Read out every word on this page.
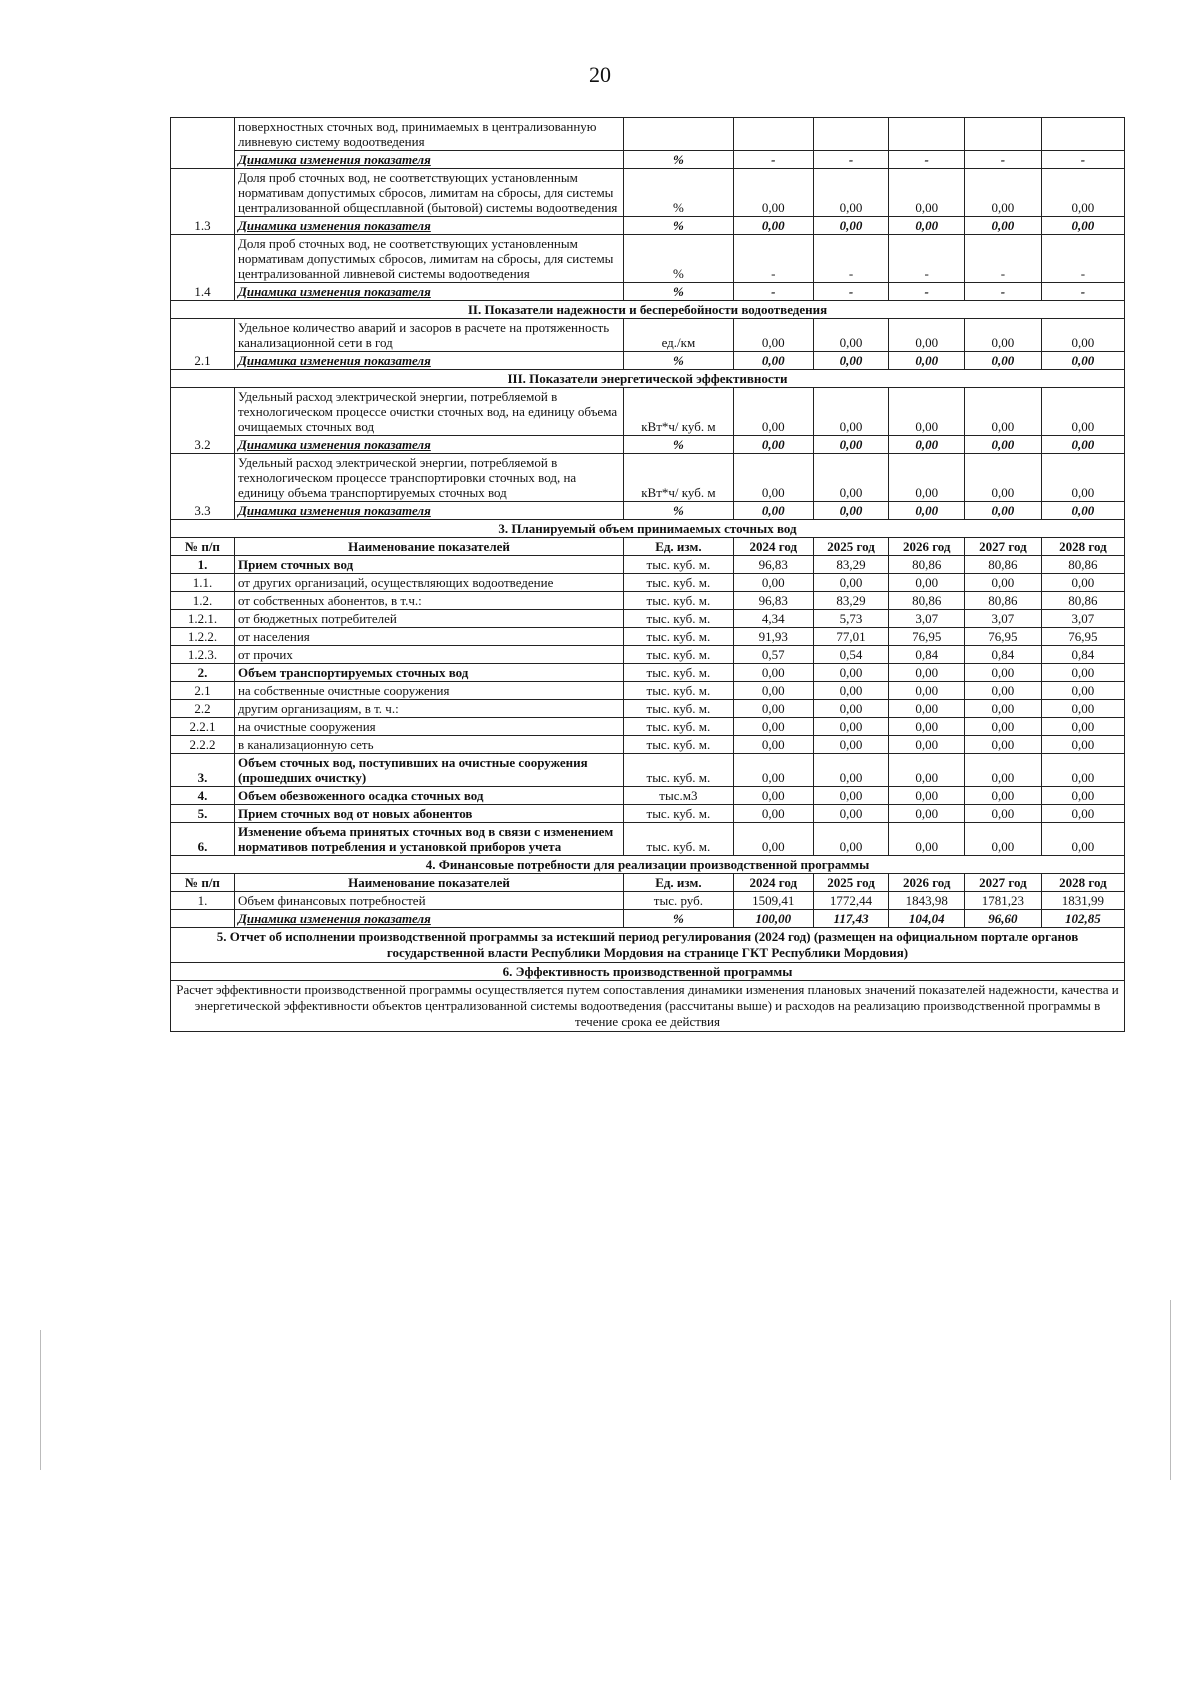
20
	поверхностных сточных вод, принимаемых в централизованную ливневую систему водоотведения						
	Динамика изменения показателя	%	-	-	-	-	-
1.3	Доля проб сточных вод, не соответствующих установленным нормативам допустимых сбросов, лимитам на сбросы, для системы централизованной общесплавной (бытовой) системы водоотведения	%	0,00	0,00	0,00	0,00	0,00
	Динамика изменения показателя	%	0,00	0,00	0,00	0,00	0,00
1.4	Доля проб сточных вод, не соответствующих установленным нормативам допустимых сбросов, лимитам на сбросы, для системы централизованной ливневой системы водоотведения	%	-	-	-	-	-
	Динамика изменения показателя	%	-	-	-	-	-
II. Показатели надежности и бесперебойности водоотведения							
2.1	Удельное количество аварий и засоров в расчете на протяженность канализационной сети в год	ед./км	0,00	0,00	0,00	0,00	0,00
	Динамика изменения показателя	%	0,00	0,00	0,00	0,00	0,00
III. Показатели энергетической эффективности							
3.2	Удельный расход электрической энергии, потребляемой в технологическом процессе очистки сточных вод, на единицу объема очищаемых сточных вод	кВт*ч/ куб. м	0,00	0,00	0,00	0,00	0,00
	Динамика изменения показателя	%	0,00	0,00	0,00	0,00	0,00
3.3	Удельный расход электрической энергии, потребляемой в технологическом процессе транспортировки сточных вод, на единицу объема транспортируемых сточных вод	кВт*ч/ куб. м	0,00	0,00	0,00	0,00	0,00
	Динамика изменения показателя	%	0,00	0,00	0,00	0,00	0,00
3. Планируемый объем принимаемых сточных вод							
№ п/п	Наименование показателей	Ед. изм.	2024 год	2025 год	2026 год	2027 год	2028 год
1.	Прием сточных вод	тыс. куб. м.	96,83	83,29	80,86	80,86	80,86
1.1.	от других организаций, осуществляющих водоотведение	тыс. куб. м.	0,00	0,00	0,00	0,00	0,00
1.2.	от собственных абонентов, в т.ч.:	тыс. куб. м.	96,83	83,29	80,86	80,86	80,86
1.2.1.	от бюджетных потребителей	тыс. куб. м.	4,34	5,73	3,07	3,07	3,07
1.2.2.	от населения	тыс. куб. м.	91,93	77,01	76,95	76,95	76,95
1.2.3.	от прочих	тыс. куб. м.	0,57	0,54	0,84	0,84	0,84
2.	Объем транспортируемых сточных вод	тыс. куб. м.	0,00	0,00	0,00	0,00	0,00
2.1	на собственные очистные сооружения	тыс. куб. м.	0,00	0,00	0,00	0,00	0,00
2.2	другим организациям, в т. ч.:	тыс. куб. м.	0,00	0,00	0,00	0,00	0,00
2.2.1	на очистные сооружения	тыс. куб. м.	0,00	0,00	0,00	0,00	0,00
2.2.2	в канализационную сеть	тыс. куб. м.	0,00	0,00	0,00	0,00	0,00
3.	Объем сточных вод, поступивших на очистные сооружения (прошедших очистку)	тыс. куб. м.	0,00	0,00	0,00	0,00	0,00
4.	Объем обезвоженного осадка сточных вод	тыс.м3	0,00	0,00	0,00	0,00	0,00
5.	Прием сточных вод от новых абонентов	тыс. куб. м.	0,00	0,00	0,00	0,00	0,00
6.	Изменение объема принятых сточных вод в связи с изменением нормативов потребления и установкой приборов учета	тыс. куб. м.	0,00	0,00	0,00	0,00	0,00
4. Финансовые потребности для реализации производственной программы							
№ п/п	Наименование показателей	Ед. изм.	2024 год	2025 год	2026 год	2027 год	2028 год
1.	Объем финансовых потребностей	тыс. руб.	1509,41	1772,44	1843,98	1781,23	1831,99
	Динамика изменения показателя	%	100,00	117,43	104,04	96,60	102,85
5. Отчет об исполнении производственной программы за истекший период регулирования (2024 год) (размещен на официальном портале органов государственной власти Республики Мордовия на странице ГКТ Республики Мордовия)							
6. Эффективность производственной программы							
Расчет эффективности производственной программы осуществляется путем сопоставления динамики изменения плановых значений показателей надежности, качества и энергетической эффективности объектов централизованной системы водоотведения (рассчитаны выше) и расходов на реализацию производственной программы в течение срока ее действия							
